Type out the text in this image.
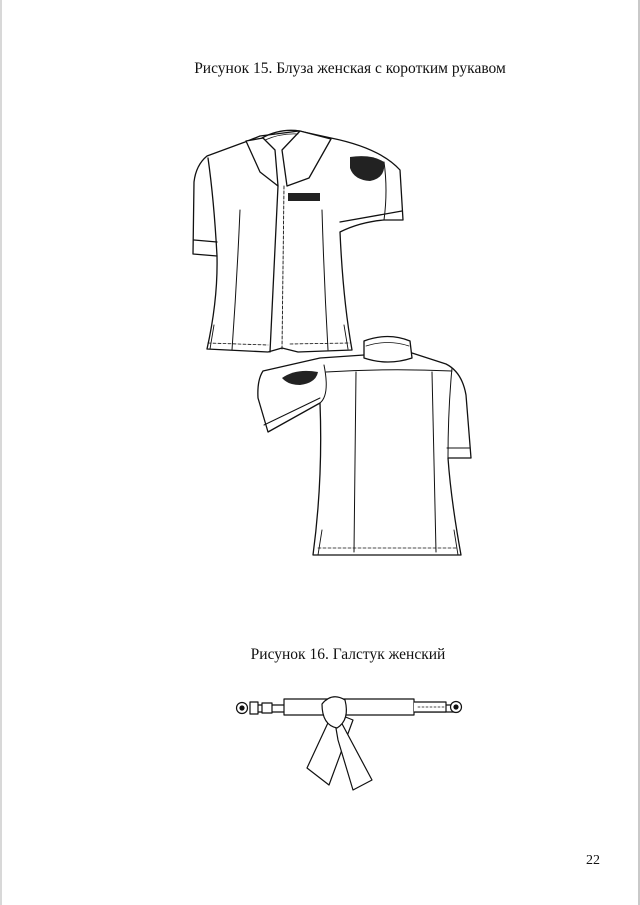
Рисунок 15. Блуза женская с коротким рукавом
Рисунок 16. Галстук женский
22
